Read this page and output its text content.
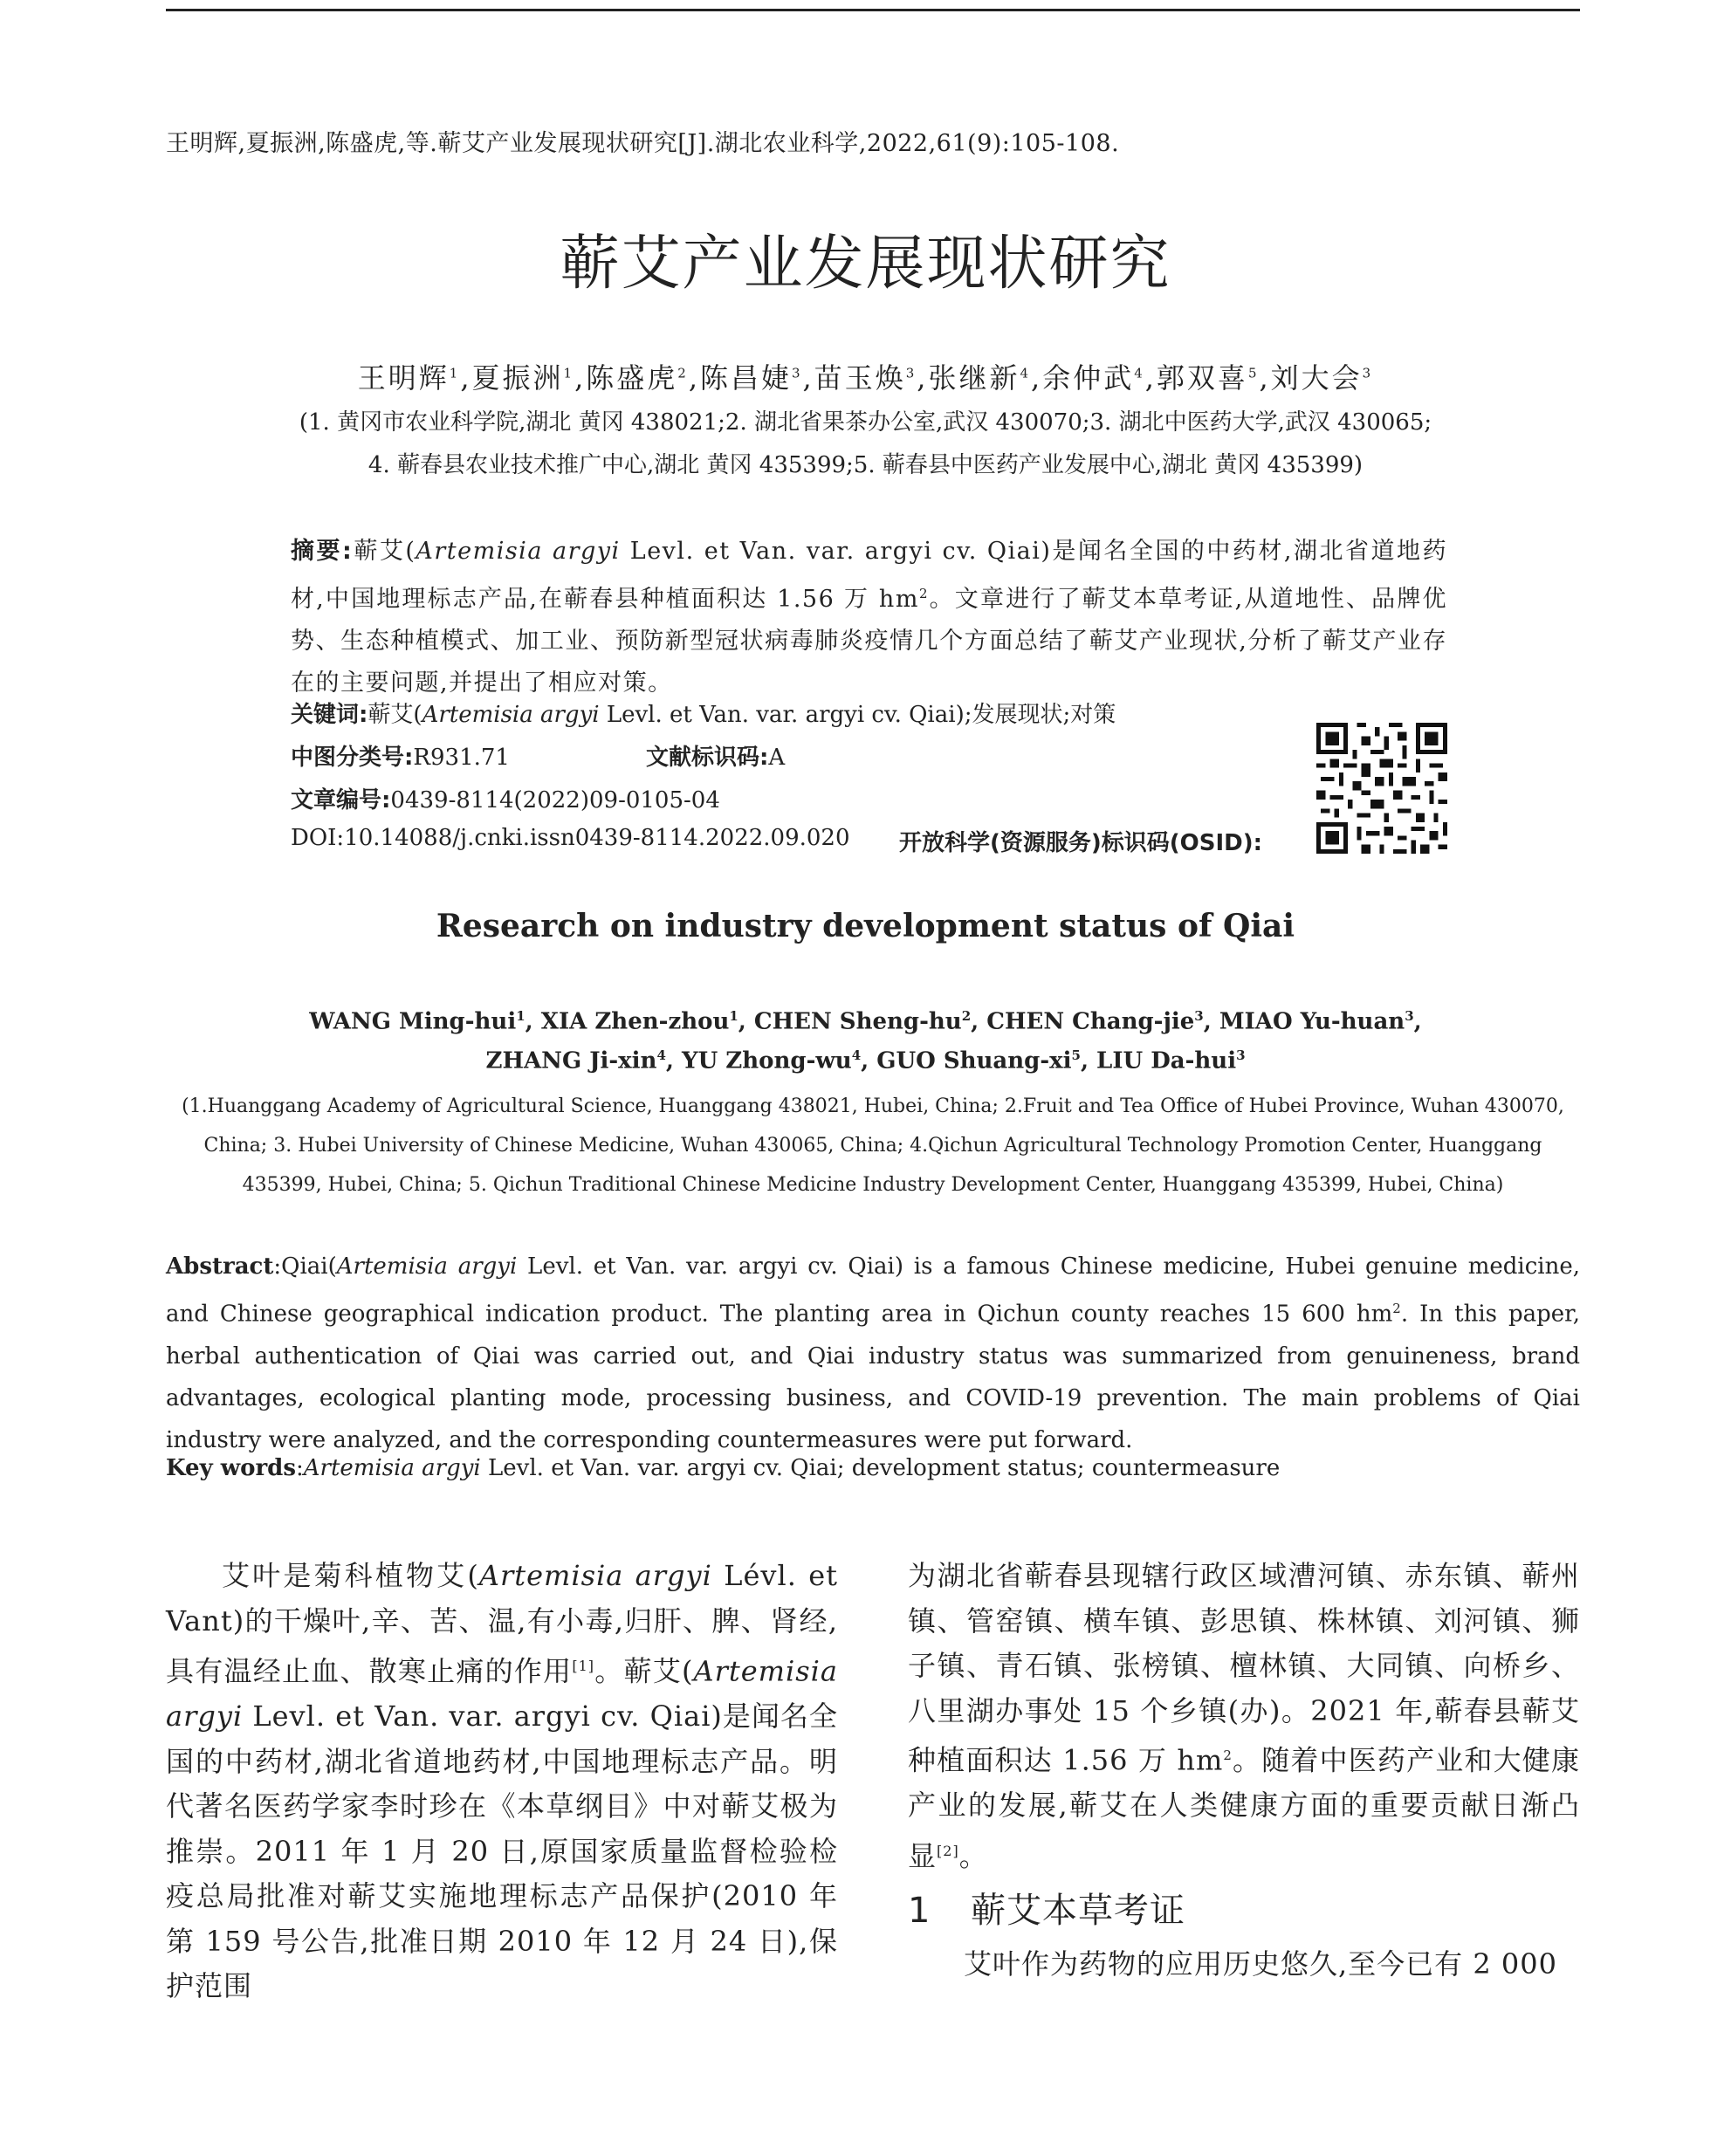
王明辉,夏振洲,陈盛虎,等.蕲艾产业发展现状研究[J].湖北农业科学,2022,61(9):105-108.
蕲艾产业发展现状研究
王明辉$^1$,夏振洲$^1$,陈盛虎$^2$,陈昌婕$^3$,苗玉焕$^3$,张继新$^4$,余仲武$^4$,郭双喜$^5$,刘大会$^3$
(1. 黄冈市农业科学院,湖北 黄冈 438021;2. 湖北省果茶办公室,武汉 430070;3. 湖北中医药大学,武汉 430065;
4. 蕲春县农业技术推广中心,湖北 黄冈 435399;5. 蕲春县中医药产业发展中心,湖北 黄冈 435399)
摘要:蕲艾(Artemisia argyi Levl. et Van. var. argyi cv. Qiai)是闻名全国的中药材,湖北省道地药材,中国地理标志产品,在蕲春县种植面积达 1.56 万 $hm^2$。文章进行了蕲艾本草考证,从道地性、品牌优势、生态种植模式、加工业、预防新型冠状病毒肺炎疫情几个方面总结了蕲艾产业现状,分析了蕲艾产业存在的主要问题,并提出了相应对策。
关键词:蕲艾(Artemisia argyi Levl. et Van. var. argyi cv. Qiai);发展现状;对策
中图分类号:R931.71	文献标识码:A
文章编号:0439-8114(2022)09-0105-04
DOI:10.14088/j.cnki.issn0439-8114.2022.09.020 开放科学(资源服务)标识码(OSID):
Research on industry development status of Qiai
WANG Ming-hui$^1$, XIA Zhen-zhou$^1$, CHEN Sheng-$hu^2$, CHEN Chang-jie$^3$, MIAO Yu-huan$^3$,
ZHANG Ji-xin$^4$, YU Zhong-$wu^4$, GUO Shuang-$xi^5$, LIU Da-hui$^3$
(1.Huanggang Academy of Agricultural Science, Huanggang 438021, Hubei, China; 2.Fruit and Tea Office of Hubei Province, Wuhan 430070, China; 3. Hubei University of Chinese Medicine, Wuhan 430065, China; 4.Qichun Agricultural Technology Promotion Center, Huanggang 435399, Hubei, China; 5. Qichun Traditional Chinese Medicine Industry Development Center, Huanggang 435399, Hubei, China)
Abstract:Qiai(Artemisia argyi Levl. et Van. var. argyi cv. Qiai) is a famous Chinese medicine, Hubei genuine medicine, and Chinese geographical indication product. The planting area in Qichun county reaches 15 600 $hm^2$. In this paper, herbal authentication of Qiai was carried out, and Qiai industry status was summarized from genuineness, brand advantages, ecological planting mode, processing business, and COVID-19 prevention. The main problems of Qiai industry were analyzed, and the corresponding countermeasures were put forward.
Key words:Artemisia argyi Levl. et Van. var. argyi cv. Qiai; development status; countermeasure

艾叶是菊科植物艾(Artemisia argyi Lévl. et Vant)的干燥叶,辛、苦、温,有小毒,归肝、脾、肾经,具有温经止血、散寒止痛的作用[1]。蕲艾(Artemisia argyi Levl. et Van. var. argyi cv. Qiai)是闻名全国的中药材,湖北省道地药材,中国地理标志产品。明代著名医药学家李时珍在《本草纲目》中对蕲艾极为推崇。2011 年 1 月 20 日,原国家质量监督检验检疫总局批准对蕲艾实施地理标志产品保护(2010 年第 159 号公告,批准日期 2010 年 12 月 24 日),保护范围

为湖北省蕲春县现辖行政区域漕河镇、赤东镇、蕲州镇、管窑镇、横车镇、彭思镇、株林镇、刘河镇、狮子镇、青石镇、张榜镇、檀林镇、大同镇、向桥乡、八里湖办事处 15 个乡镇(办)。2021 年,蕲春县蕲艾种植面积达 1.56 万 $hm^2$。随着中医药产业和大健康产业的发展,蕲艾在人类健康方面的重要贡献日渐凸显[2]。

1 蕲艾本草考证

艾叶作为药物的应用历史悠久,至今已有 2 000
